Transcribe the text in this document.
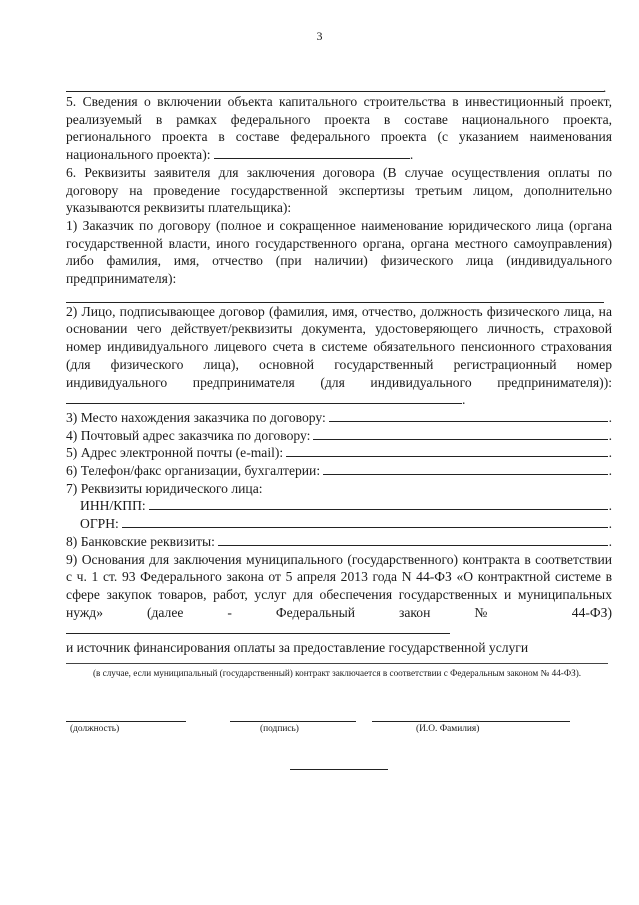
3
.

5. Сведения о включении объекта капитального строительства в инвестиционный проект, реализуемый в рамках федерального проекта в составе национального проекта, регионального проекта в составе федерального проекта (с указанием наименования национального проекта):	.

6. Реквизиты заявителя для заключения договора (В случае осуществления оплаты по договору на проведение государственной экспертизы третьим лицом, дополнительно указываются реквизиты плательщика):

1) Заказчик по договору (полное и сокращенное наименование юридического лица (органа государственной власти, иного государственного органа, органа местного самоуправления) либо фамилия, имя, отчество (при наличии) физического лица (индивидуального предпринимателя):

2) Лицо, подписывающее договор (фамилия, имя, отчество, должность физического лица, на основании чего действует/реквизиты документа, удостоверяющего личность, страховой номер индивидуального лицевого счета в системе обязательного пенсионного страхования (для физического лица), основной государственный регистрационный номер индивидуального предпринимателя (для индивидуального предпринимателя)):.

3) Место нахождения заказчика по договору:	.
4) Почтовый адрес заказчика по договору:	.
5) Адрес электронной почты (e-mail):	.
6) Телефон/факс организации, бухгалтерии:	.
7) Реквизиты юридического лица:
ИНН/КПП:	.
ОГРН:	.
8) Банковские реквизиты:	.

9) Основания для заключения муниципального (государственного) контракта в соответствии с ч. 1 ст. 93 Федерального закона от 5 апреля 2013 года N 44-ФЗ «О контрактной системе в сфере закупок товаров, работ, услуг для обеспечения государственных и муниципальных нужд» (далее - Федеральный закон № 44-ФЗ)

и источник финансирования оплаты за предоставление государственной услуги

(в случае, если муниципальный (государственный) контракт заключается в соответствии с Федеральным законом № 44-ФЗ).
(должность)	(подпись)	(И.О. Фамилия)
